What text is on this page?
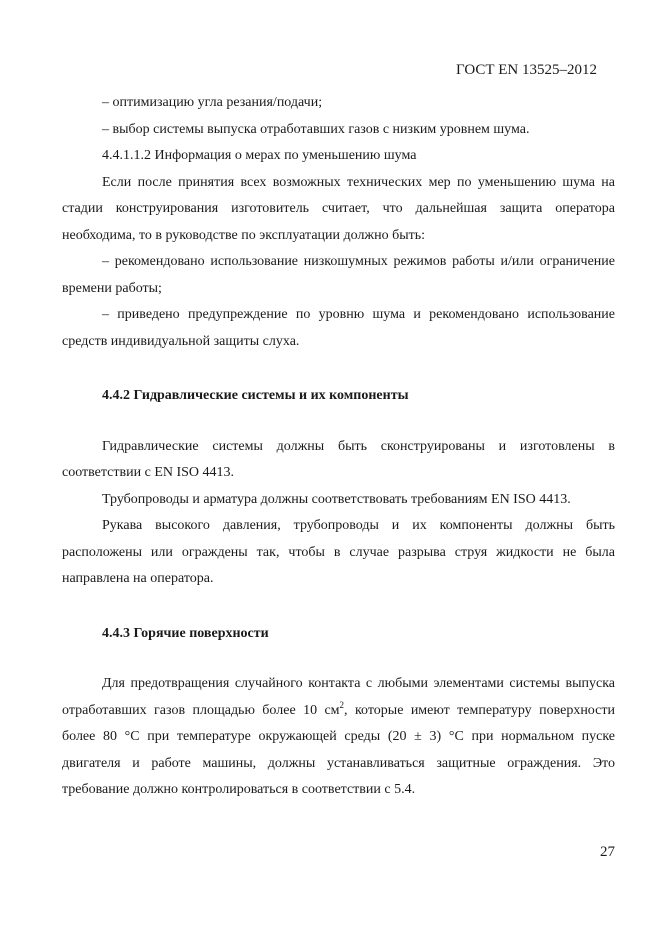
ГОСТ EN 13525–2012

– оптимизацию угла резания/подачи;

– выбор системы выпуска отработавших газов с низким уровнем шума.

4.4.1.1.2 Информация о мерах по уменьшению шума

Если после принятия всех возможных технических мер по уменьшению шума на стадии конструирования изготовитель считает, что дальнейшая защита оператора необходима, то в руководстве по эксплуатации должно быть:

– рекомендовано использование низкошумных режимов работы и/или ограничение времени работы;

– приведено предупреждение по уровню шума и рекомендовано использование средств индивидуальной защиты слуха.

4.4.2 Гидравлические системы и их компоненты

Гидравлические системы должны быть сконструированы и изготовлены в соответствии с EN ISO 4413.

Трубопроводы и арматура должны соответствовать требованиям EN ISO 4413.

Рукава высокого давления, трубопроводы и их компоненты должны быть расположены или ограждены так, чтобы в случае разрыва струя жидкости не была направлена на оператора.

4.4.3 Горячие поверхности

Для предотвращения случайного контакта с любыми элементами системы выпуска отработавших газов площадью более 10 $см^2$, которые имеют температуру поверхности более 80 °С при температуре окружающей среды (20 ± 3) °С при нормальном пуске двигателя и работе машины, должны устанавливаться защитные ограждения. Это требование должно контролироваться в соответствии с 5.4.

27
